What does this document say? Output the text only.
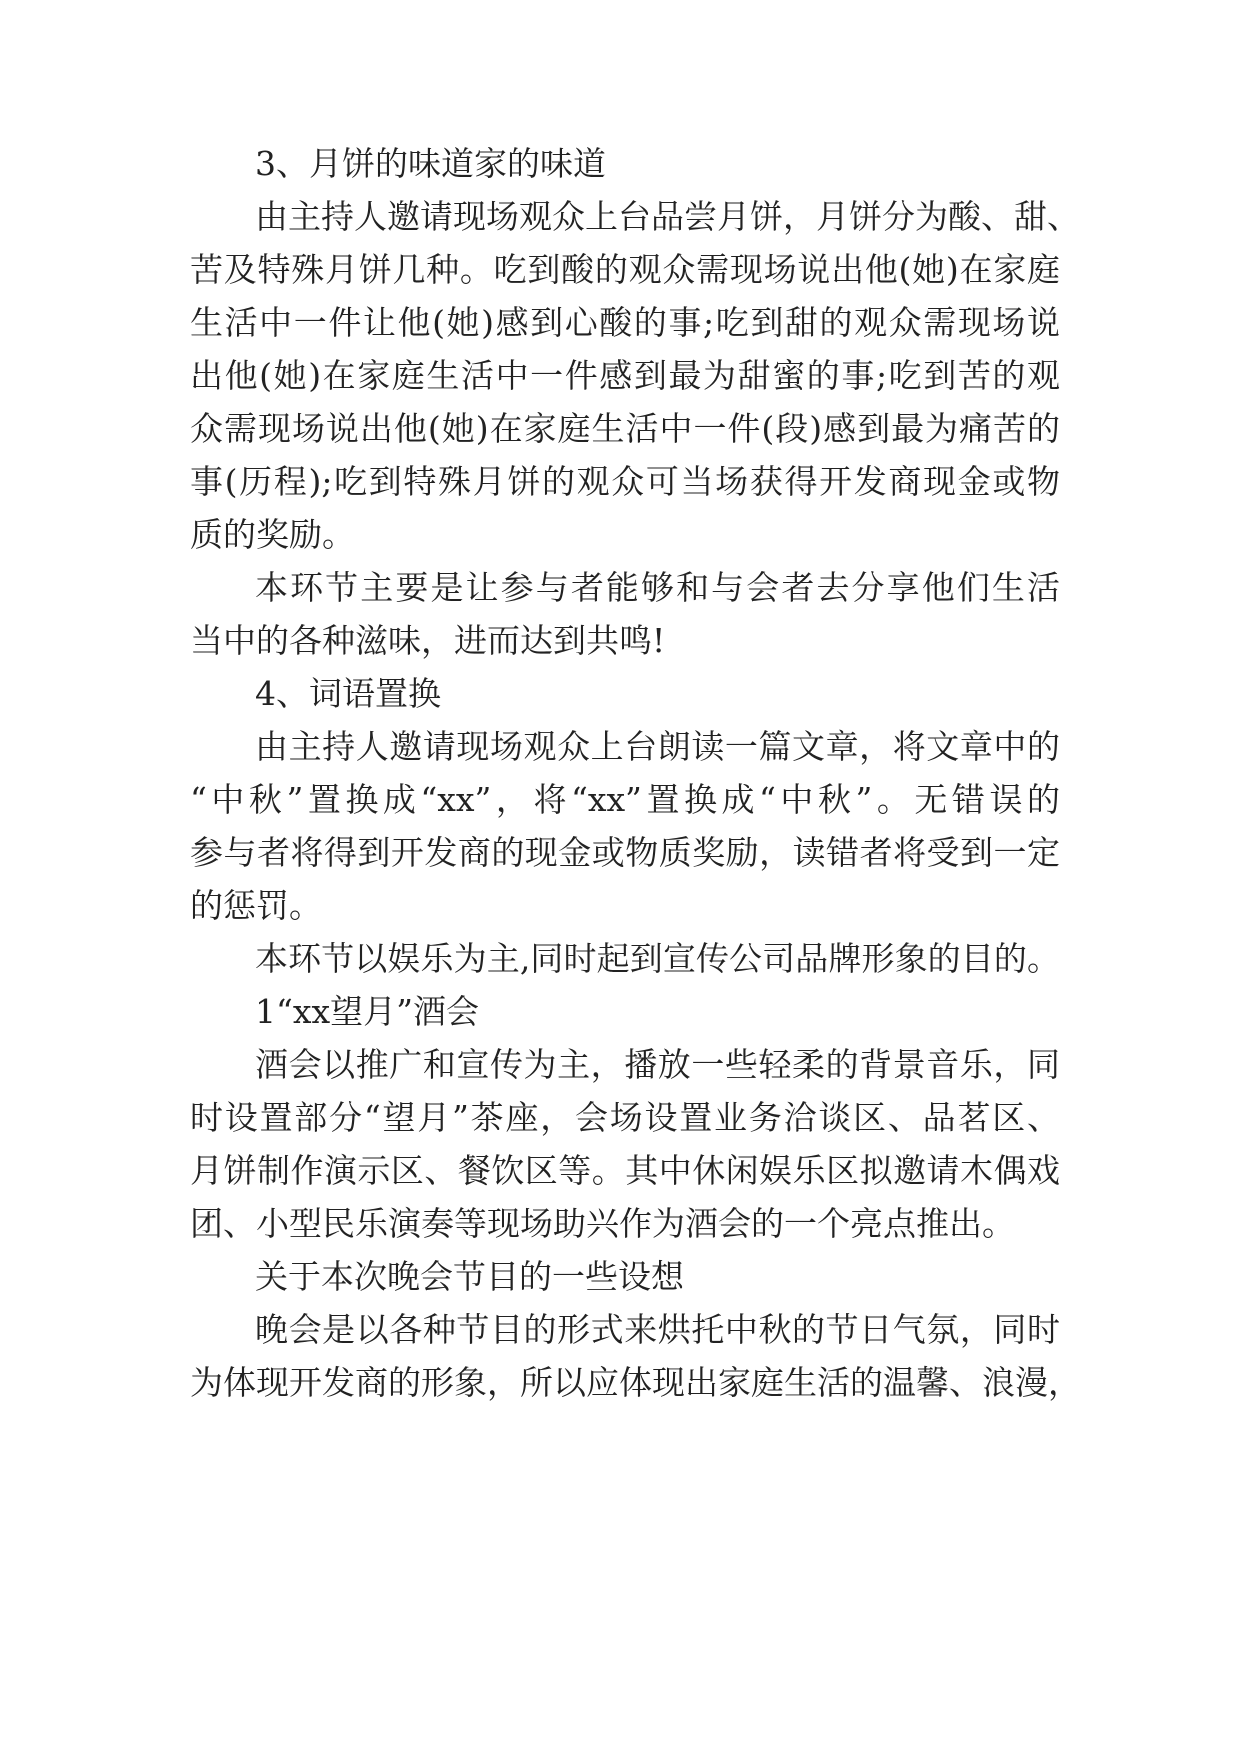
3、月饼的味道家的味道
由主持人邀请现场观众上台品尝月饼，月饼分为酸、甜、
苦及特殊月饼几种。吃到酸的观众需现场说出他(她)在家庭
生活中一件让他(她)感到心酸的事;吃到甜的观众需现场说
出他(她)在家庭生活中一件感到最为甜蜜的事;吃到苦的观
众需现场说出他(她)在家庭生活中一件(段)感到最为痛苦的
事(历程);吃到特殊月饼的观众可当场获得开发商现金或物
质的奖励。
本环节主要是让参与者能够和与会者去分享他们生活
当中的各种滋味，进而达到共鸣!
4、词语置换
由主持人邀请现场观众上台朗读一篇文章，将文章中的
“中秋”置换成“xx”，将“xx”置换成“中秋”。无错误的
参与者将得到开发商的现金或物质奖励，读错者将受到一定
的惩罚。
本环节以娱乐为主,同时起到宣传公司品牌形象的目的。
1“xx望月”酒会
酒会以推广和宣传为主，播放一些轻柔的背景音乐，同
时设置部分“望月”茶座，会场设置业务洽谈区、品茗区、
月饼制作演示区、餐饮区等。其中休闲娱乐区拟邀请木偶戏
团、小型民乐演奏等现场助兴作为酒会的一个亮点推出。
关于本次晚会节目的一些设想
晚会是以各种节目的形式来烘托中秋的节日气氛，同时
为体现开发商的形象，所以应体现出家庭生活的温馨、浪漫，
